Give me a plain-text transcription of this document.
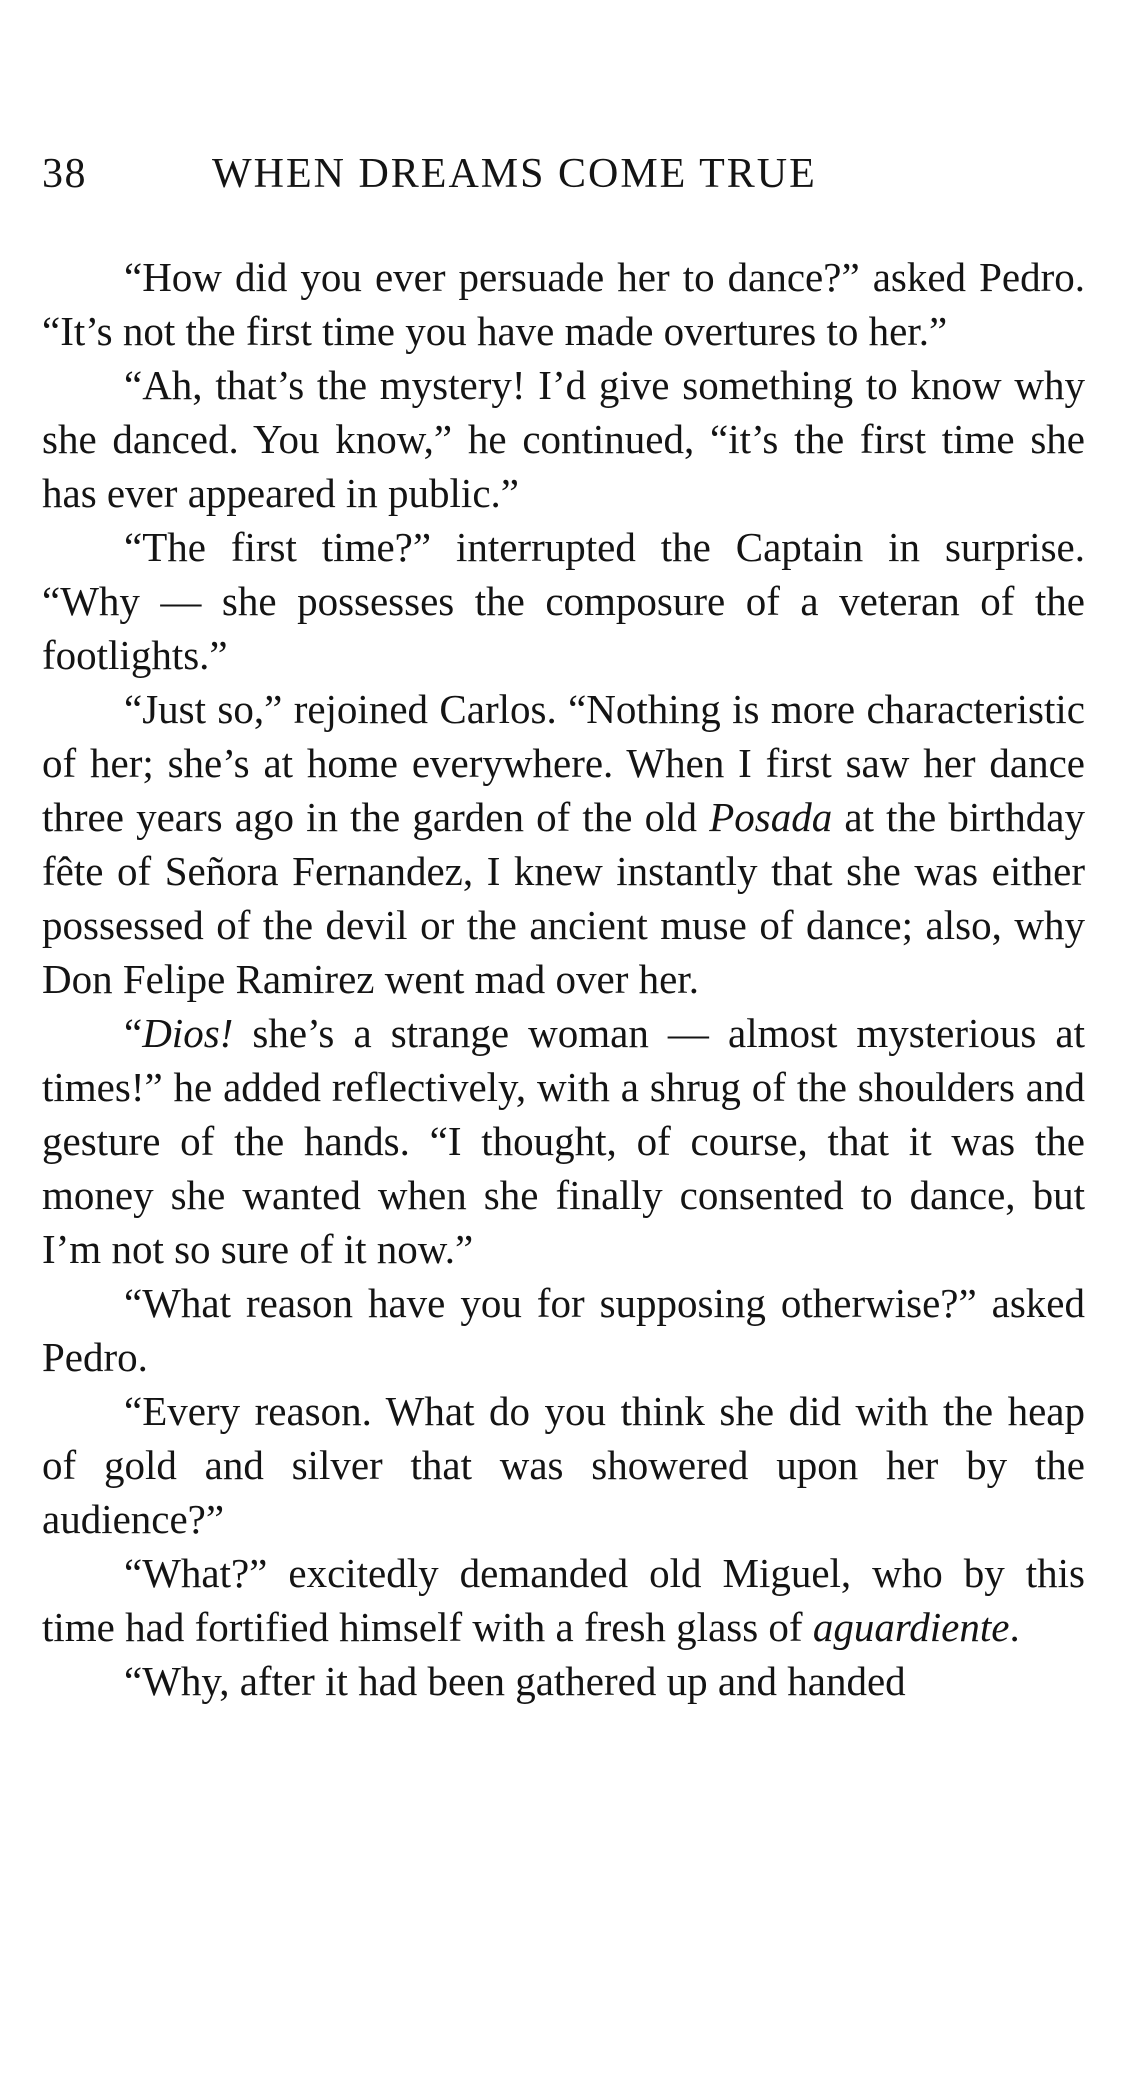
38	WHEN DREAMS COME TRUE

“How did you ever persuade her to dance?” asked Pedro. “It’s not the first time you have made overtures to her.”

“Ah, that’s the mystery! I’d give something to know why she danced. You know,” he continued, “it’s the first time she has ever appeared in public.”

“The first time?” interrupted the Captain in surprise. “Why — she possesses the composure of a veteran of the footlights.”

“Just so,” rejoined Carlos. “Nothing is more characteristic of her; she’s at home everywhere. When I first saw her dance three years ago in the garden of the old Posada at the birthday fête of Señora Fernandez, I knew instantly that she was either possessed of the devil or the ancient muse of dance; also, why Don Felipe Ramirez went mad over her.

“Dios! she’s a strange woman — almost mysterious at times!” he added reflectively, with a shrug of the shoulders and gesture of the hands. “I thought, of course, that it was the money she wanted when she finally consented to dance, but I’m not so sure of it now.”

“What reason have you for supposing otherwise?” asked Pedro.

“Every reason. What do you think she did with the heap of gold and silver that was showered upon her by the audience?”

“What?” excitedly demanded old Miguel, who by this time had fortified himself with a fresh glass of aguardiente.

“Why, after it had been gathered up and handed
